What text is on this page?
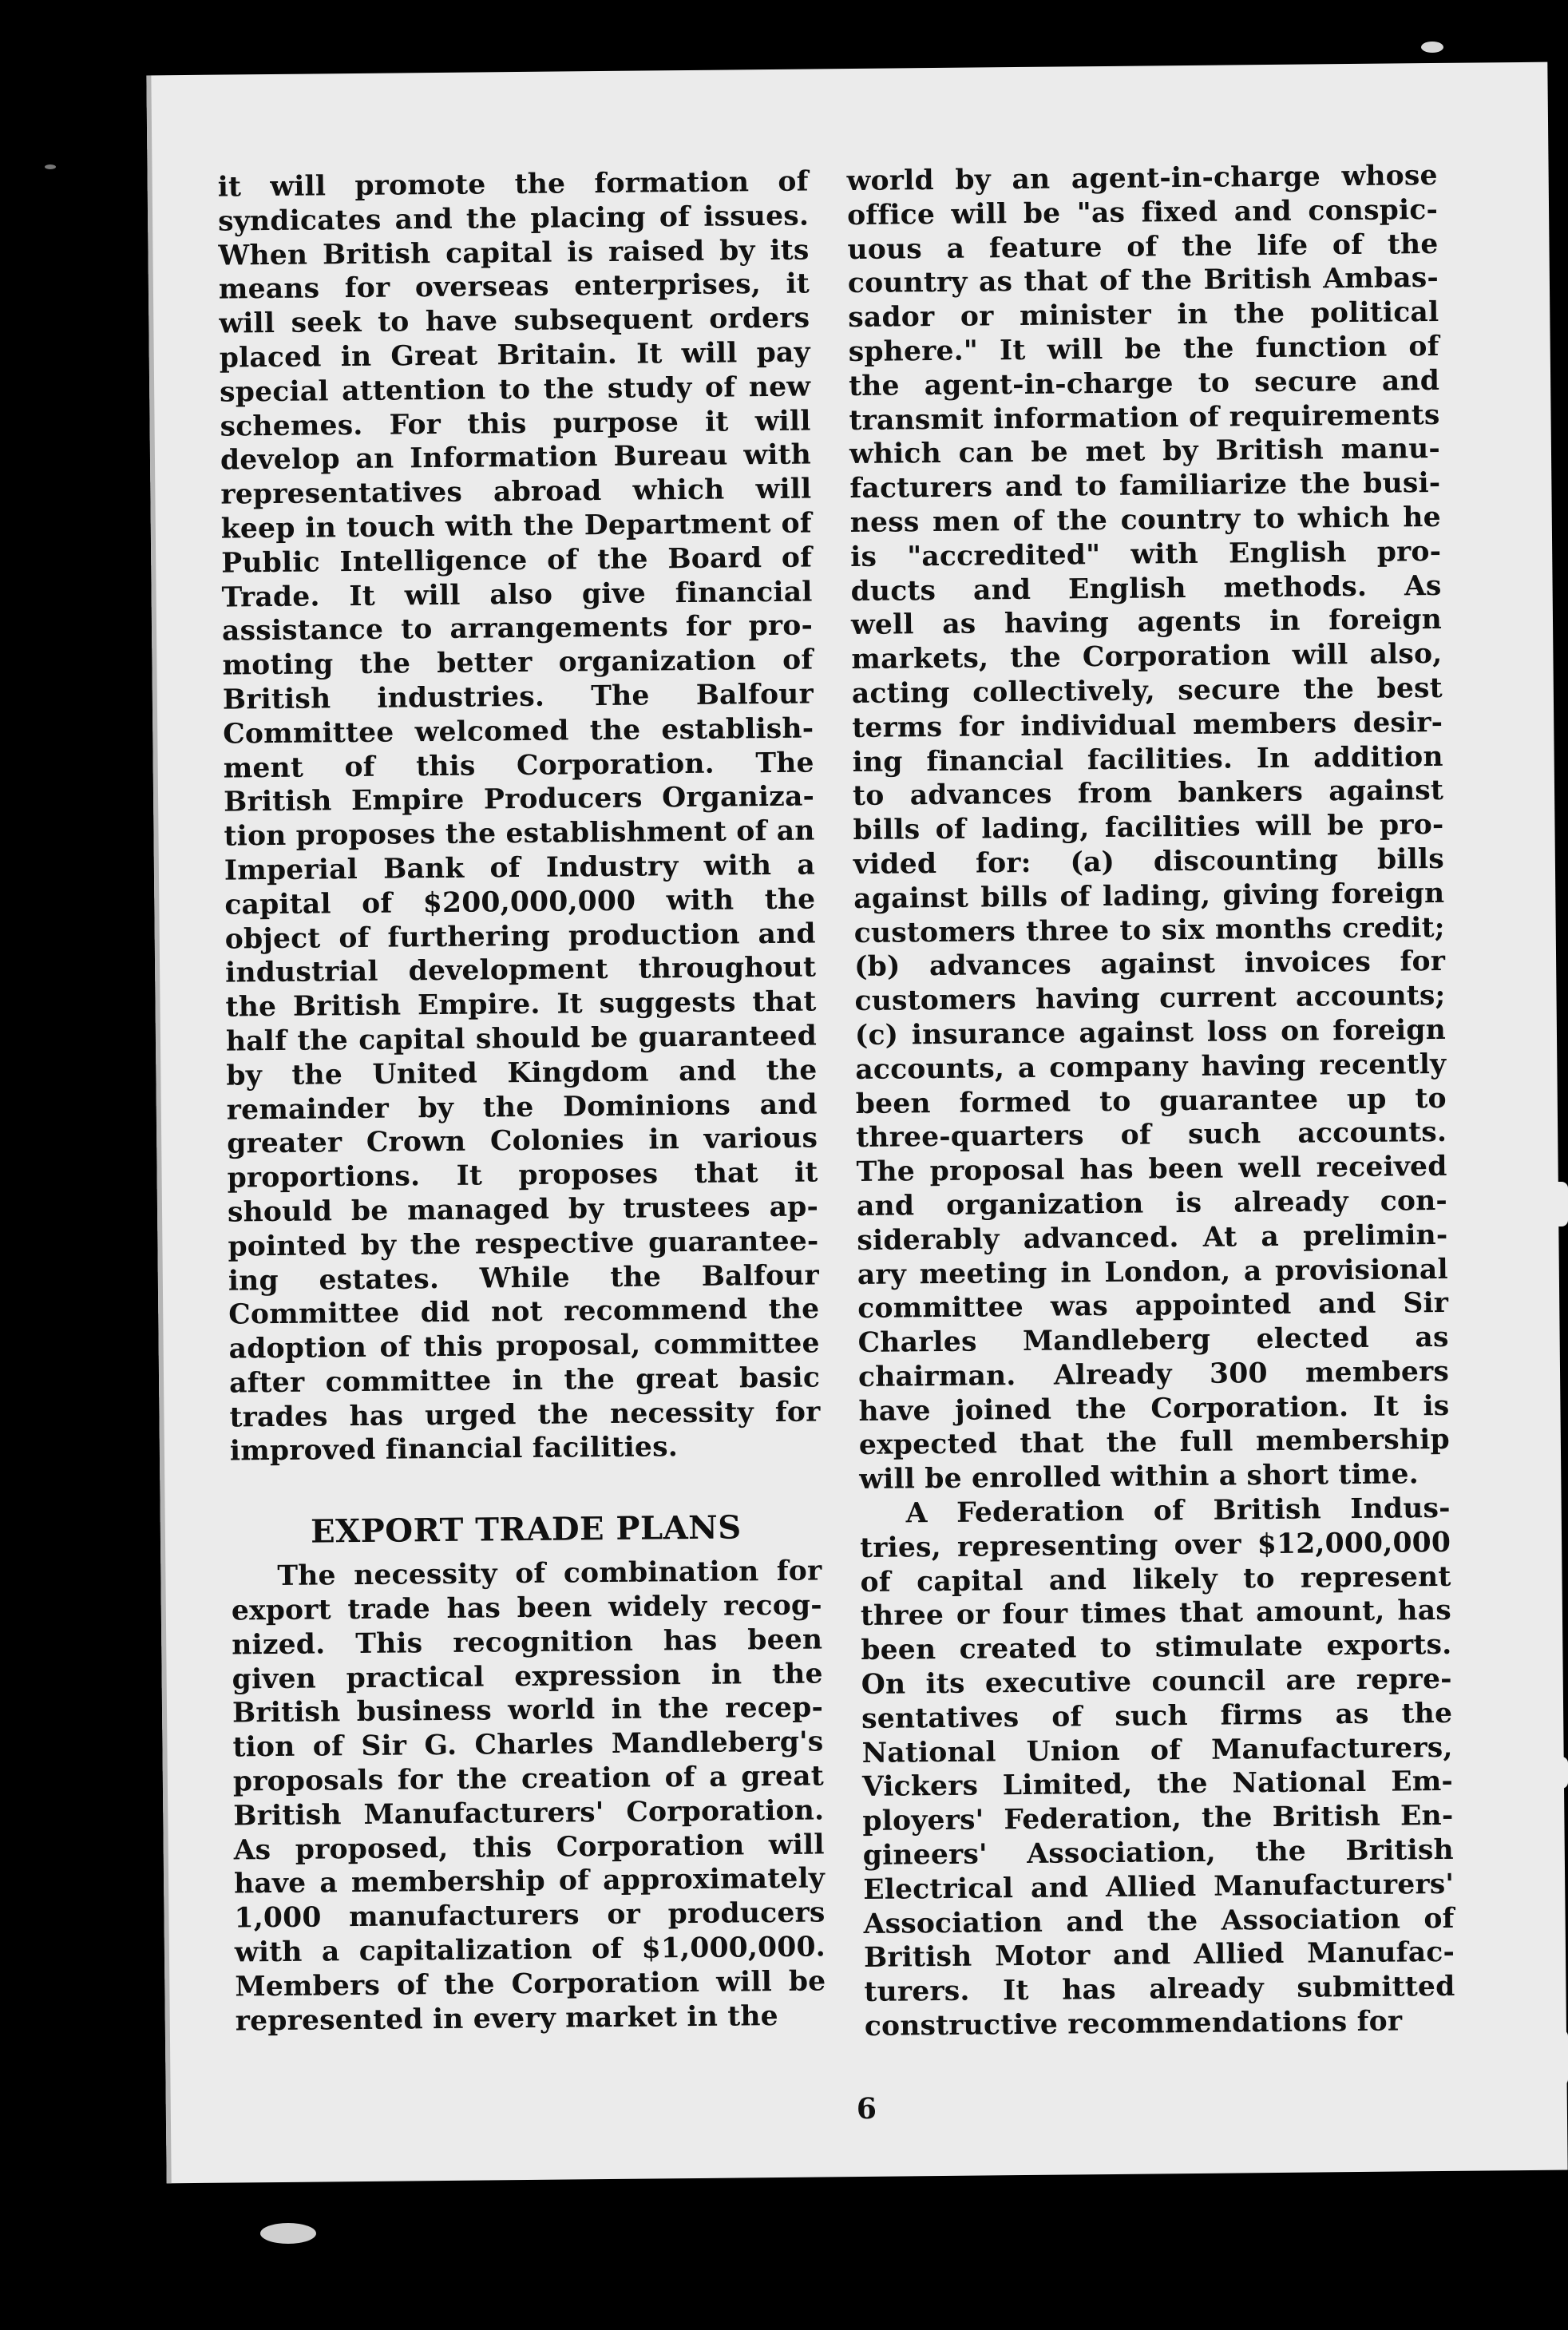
it will promote the formation of
syndicates and the placing of issues.
When British capital is raised by its
means for overseas enterprises, it
will seek to have subsequent orders
placed in Great Britain. It will pay
special attention to the study of new
schemes. For this purpose it will
develop an Information Bureau with
representatives abroad which will
keep in touch with the Department of
Public Intelligence of the Board of
Trade. It will also give financial
assistance to arrangements for pro-
moting the better organization of
British industries. The Balfour
Committee welcomed the establish-
ment of this Corporation. The
British Empire Producers Organiza-
tion proposes the establishment of an
Imperial Bank of Industry with a
capital of $200,000,000 with the
object of furthering production and
industrial development throughout
the British Empire. It suggests that
half the capital should be guaranteed
by the United Kingdom and the
remainder by the Dominions and
greater Crown Colonies in various
proportions. It proposes that it
should be managed by trustees ap-
pointed by the respective guarantee-
ing estates. While the Balfour
Committee did not recommend the
adoption of this proposal, committee
after committee in the great basic
trades has urged the necessity for
improved financial facilities.
EXPORT TRADE PLANS
The necessity of combination for
export trade has been widely recog-
nized. This recognition has been
given practical expression in the
British business world in the recep-
tion of Sir G. Charles Mandleberg's
proposals for the creation of a great
British Manufacturers' Corporation.
As proposed, this Corporation will
have a membership of approximately
1,000 manufacturers or producers
with a capitalization of $1,000,000.
Members of the Corporation will be
represented in every market in the
world by an agent-in-charge whose
office will be "as fixed and conspic-
uous a feature of the life of the
country as that of the British Ambas-
sador or minister in the political
sphere." It will be the function of
the agent-in-charge to secure and
transmit information of requirements
which can be met by British manu-
facturers and to familiarize the busi-
ness men of the country to which he
is "accredited" with English pro-
ducts and English methods. As
well as having agents in foreign
markets, the Corporation will also,
acting collectively, secure the best
terms for individual members desir-
ing financial facilities. In addition
to advances from bankers against
bills of lading, facilities will be pro-
vided for: (a) discounting bills
against bills of lading, giving foreign
customers three to six months credit;
(b) advances against invoices for
customers having current accounts;
(c) insurance against loss on foreign
accounts, a company having recently
been formed to guarantee up to
three-quarters of such accounts.
The proposal has been well received
and organization is already con-
siderably advanced. At a prelimin-
ary meeting in London, a provisional
committee was appointed and Sir
Charles Mandleberg elected as
chairman. Already 300 members
have joined the Corporation. It is
expected that the full membership
will be enrolled within a short time.
A Federation of British Indus-
tries, representing over $12,000,000
of capital and likely to represent
three or four times that amount, has
been created to stimulate exports.
On its executive council are repre-
sentatives of such firms as the
National Union of Manufacturers,
Vickers Limited, the National Em-
ployers' Federation, the British En-
gineers' Association, the British
Electrical and Allied Manufacturers'
Association and the Association of
British Motor and Allied Manufac-
turers. It has already submitted
constructive recommendations for
6
